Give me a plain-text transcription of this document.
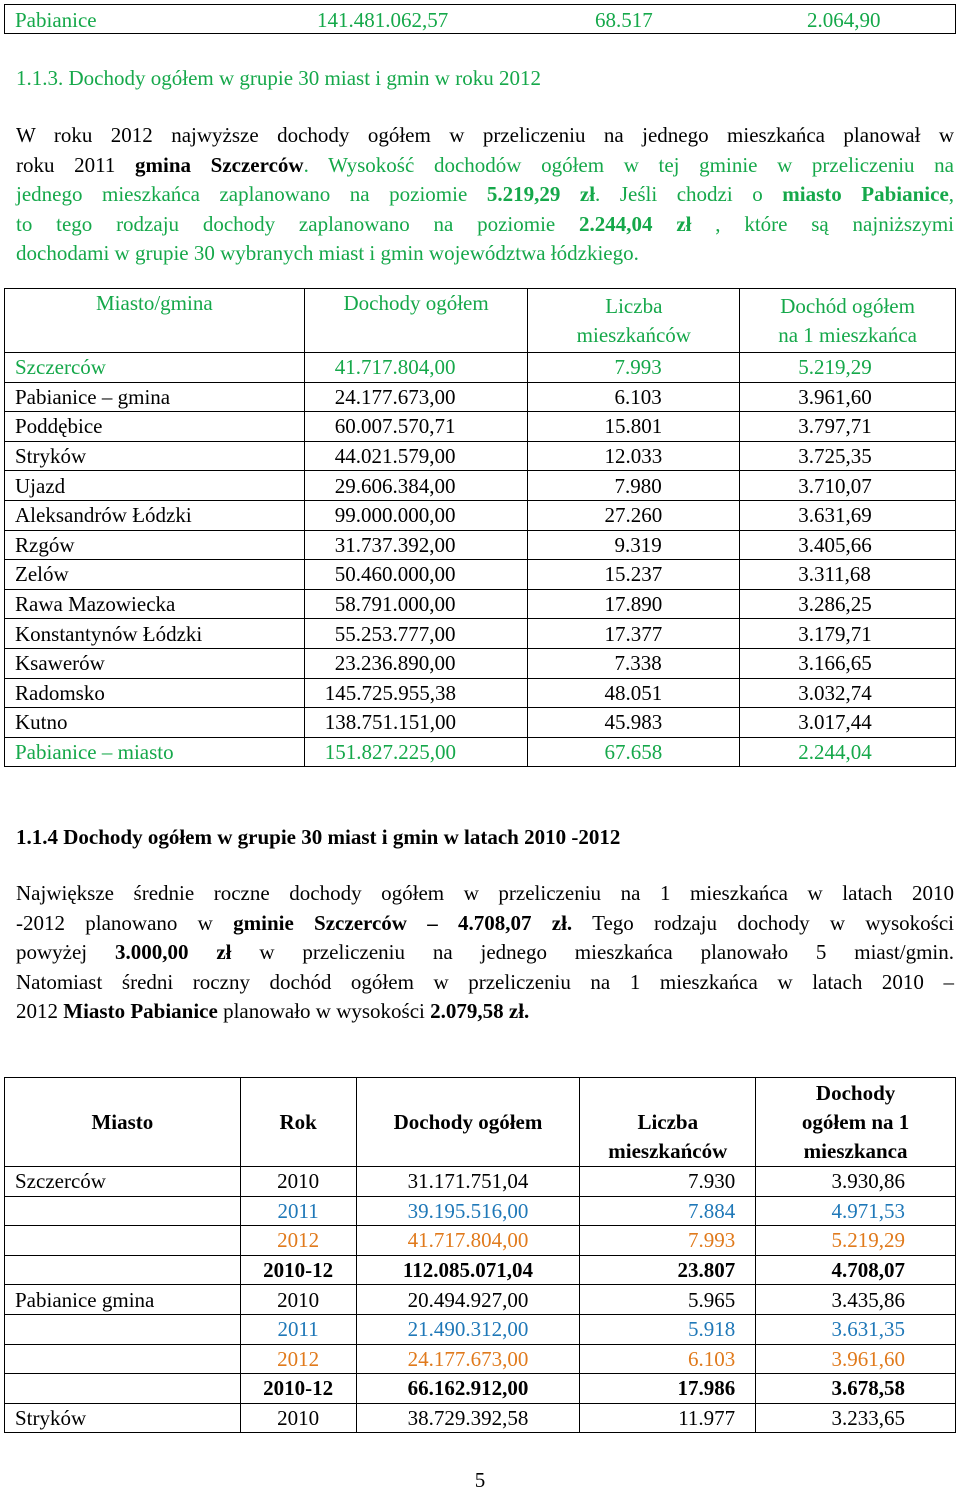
Pabianice	141.481.062,57	68.517	2.064,90
1.1.3. Dochody ogółem w grupie 30 miast i gmin w roku 2012
W roku 2012 najwyższe dochody ogółem w przeliczeniu na jednego mieszkańca planował w
roku 2011 gmina Szczerców. Wysokość dochodów ogółem w tej gminie w przeliczeniu na
jednego mieszkańca zaplanowano na poziomie 5.219,29 zł. Jeśli chodzi o miasto Pabianice,
to tego rodzaju dochody zaplanowano na poziomie 2.244,04 zł , które są najniższymi
dochodami w grupie 30 wybranych miast i gmin województwa łódzkiego.
Miasto/gmina	Dochody ogółem	Liczba
mieszkańców	Dochód ogółem
na 1 mieszkańca
Szczerców	41.717.804,00	7.993	5.219,29
Pabianice – gmina	24.177.673,00	6.103	3.961,60
Poddębice	60.007.570,71	15.801	3.797,71
Stryków	44.021.579,00	12.033	3.725,35
Ujazd	29.606.384,00	7.980	3.710,07
Aleksandrów Łódzki	99.000.000,00	27.260	3.631,69
Rzgów	31.737.392,00	9.319	3.405,66
Zelów	50.460.000,00	15.237	3.311,68
Rawa Mazowiecka	58.791.000,00	17.890	3.286,25
Konstantynów Łódzki	55.253.777,00	17.377	3.179,71
Ksawerów	23.236.890,00	7.338	3.166,65
Radomsko	145.725.955,38	48.051	3.032,74
Kutno	138.751.151,00	45.983	3.017,44
Pabianice – miasto	151.827.225,00	67.658	2.244,04
1.1.4 Dochody ogółem w grupie 30 miast i gmin w latach 2010 -2012
Największe średnie roczne dochody ogółem w przeliczeniu na 1 mieszkańca w latach 2010
-2012 planowano w gminie Szczerców – 4.708,07 zł. Tego rodzaju dochody w wysokości
powyżej 3.000,00 zł w przeliczeniu na jednego mieszkańca planowało 5 miast/gmin.
Natomiast średni roczny dochód ogółem w przeliczeniu na 1 mieszkańca w latach 2010 –
2012 Miasto Pabianice planowało w wysokości 2.079,58 zł.
Miasto	Rok	Dochody ogółem	Liczba
mieszkańców	Dochody
ogółem na 1
mieszkanca
Szczerców	2010	31.171.751,04	7.930	3.930,86
	2011	39.195.516,00	7.884	4.971,53
	2012	41.717.804,00	7.993	5.219,29
	2010-12	112.085.071,04	23.807	4.708,07
Pabianice gmina	2010	20.494.927,00	5.965	3.435,86
	2011	21.490.312,00	5.918	3.631,35
	2012	24.177.673,00	6.103	3.961,60
	2010-12	66.162.912,00	17.986	3.678,58
Stryków	2010	38.729.392,58	11.977	3.233,65
5
